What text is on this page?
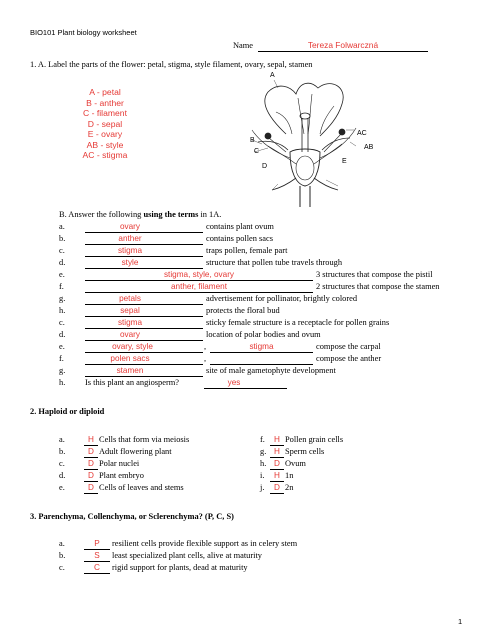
BIO101 Plant biology worksheet
Name	Tereza Folwarczná
1. A. Label the parts of the flower: petal, stigma, style filament, ovary, sepal, stamen
A - petal
B - anther
C - filament
D - sepal
E - ovary
AB - style
AC - stigma
A
B
C
D
E
AB
AC
B. Answer the following using the terms in 1A.
a.	ovary	contains plant ovum
b.	anther	contains pollen sacs
c.	stigma	traps pollen, female part
d.	style	structure that pollen tube travels through
e.	stigma, style, ovary	3 structures that compose the pistil
f.	anther, filament	2 structures that compose the stamen
g.	petals	advertisement for pollinator, brightly colored
h.	sepal	protects the floral bud
c.	stigma	sticky female structure is a receptacle for pollen grains
d.	ovary	location of polar bodies and ovum
e.	ovary, style	,	stigma	compose the carpal
f.	polen sacs	,	compose the anther
g.	stamen	site of male gametophyte development
h. Is this plant an angiosperm?	yes
2. Haploid or diploid
a.	H Cells that form via meiosis
b.	D Adult flowering plant
c.	D Polar nuclei
d.	D Plant embryo
e.	D Cells of leaves and stems
f.	H Pollen grain cells
g. H Sperm cells
h. D Ovum
i.	H 1n
j.	D 2n
3. Parenchyma, Collenchyma, or Sclerenchyma? (P, C, S)
a.	P	resilient cells provide flexible support as in celery stem
b.	S	least specialized plant cells, alive at maturity
c.	C	rigid support for plants, dead at maturity
1
